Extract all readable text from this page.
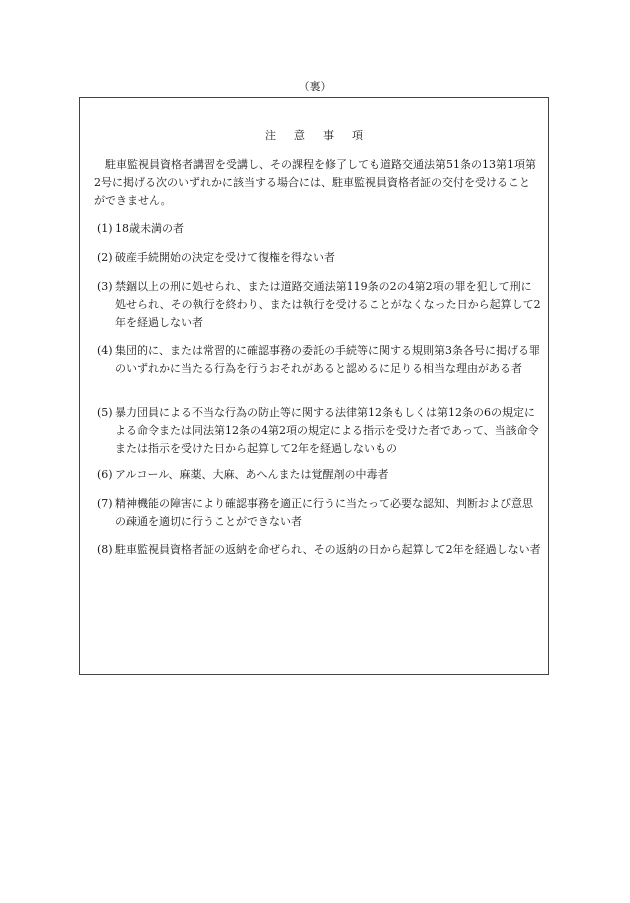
（裏）
注意事項

駐車監視員資格者講習を受講し、その課程を修了しても道路交通法第51条の13第1項第2号に掲げる次のいずれかに該当する場合には、駐車監視員資格者証の交付を受けることができません。

(1) 18歳未満の者
(2) 破産手続開始の決定を受けて復権を得ない者
(3) 禁錮以上の刑に処せられ、または道路交通法第119条の2の4第2項の罪を犯して刑に処せられ、その執行を終わり、または執行を受けることがなくなった日から起算して2年を経過しない者
(4) 集団的に、または常習的に確認事務の委託の手続等に関する規則第3条各号に掲げる罪のいずれかに当たる行為を行うおそれがあると認めるに足りる相当な理由がある者
(5) 暴力団員による不当な行為の防止等に関する法律第12条もしくは第12条の6の規定による命令または同法第12条の4第2項の規定による指示を受けた者であって、当該命令または指示を受けた日から起算して2年を経過しないもの
(6) アルコール、麻薬、大麻、あへんまたは覚醒剤の中毒者
(7) 精神機能の障害により確認事務を適正に行うに当たって必要な認知、判断および意思の疎通を適切に行うことができない者
(8) 駐車監視員資格者証の返納を命ぜられ、その返納の日から起算して2年を経過しない者
